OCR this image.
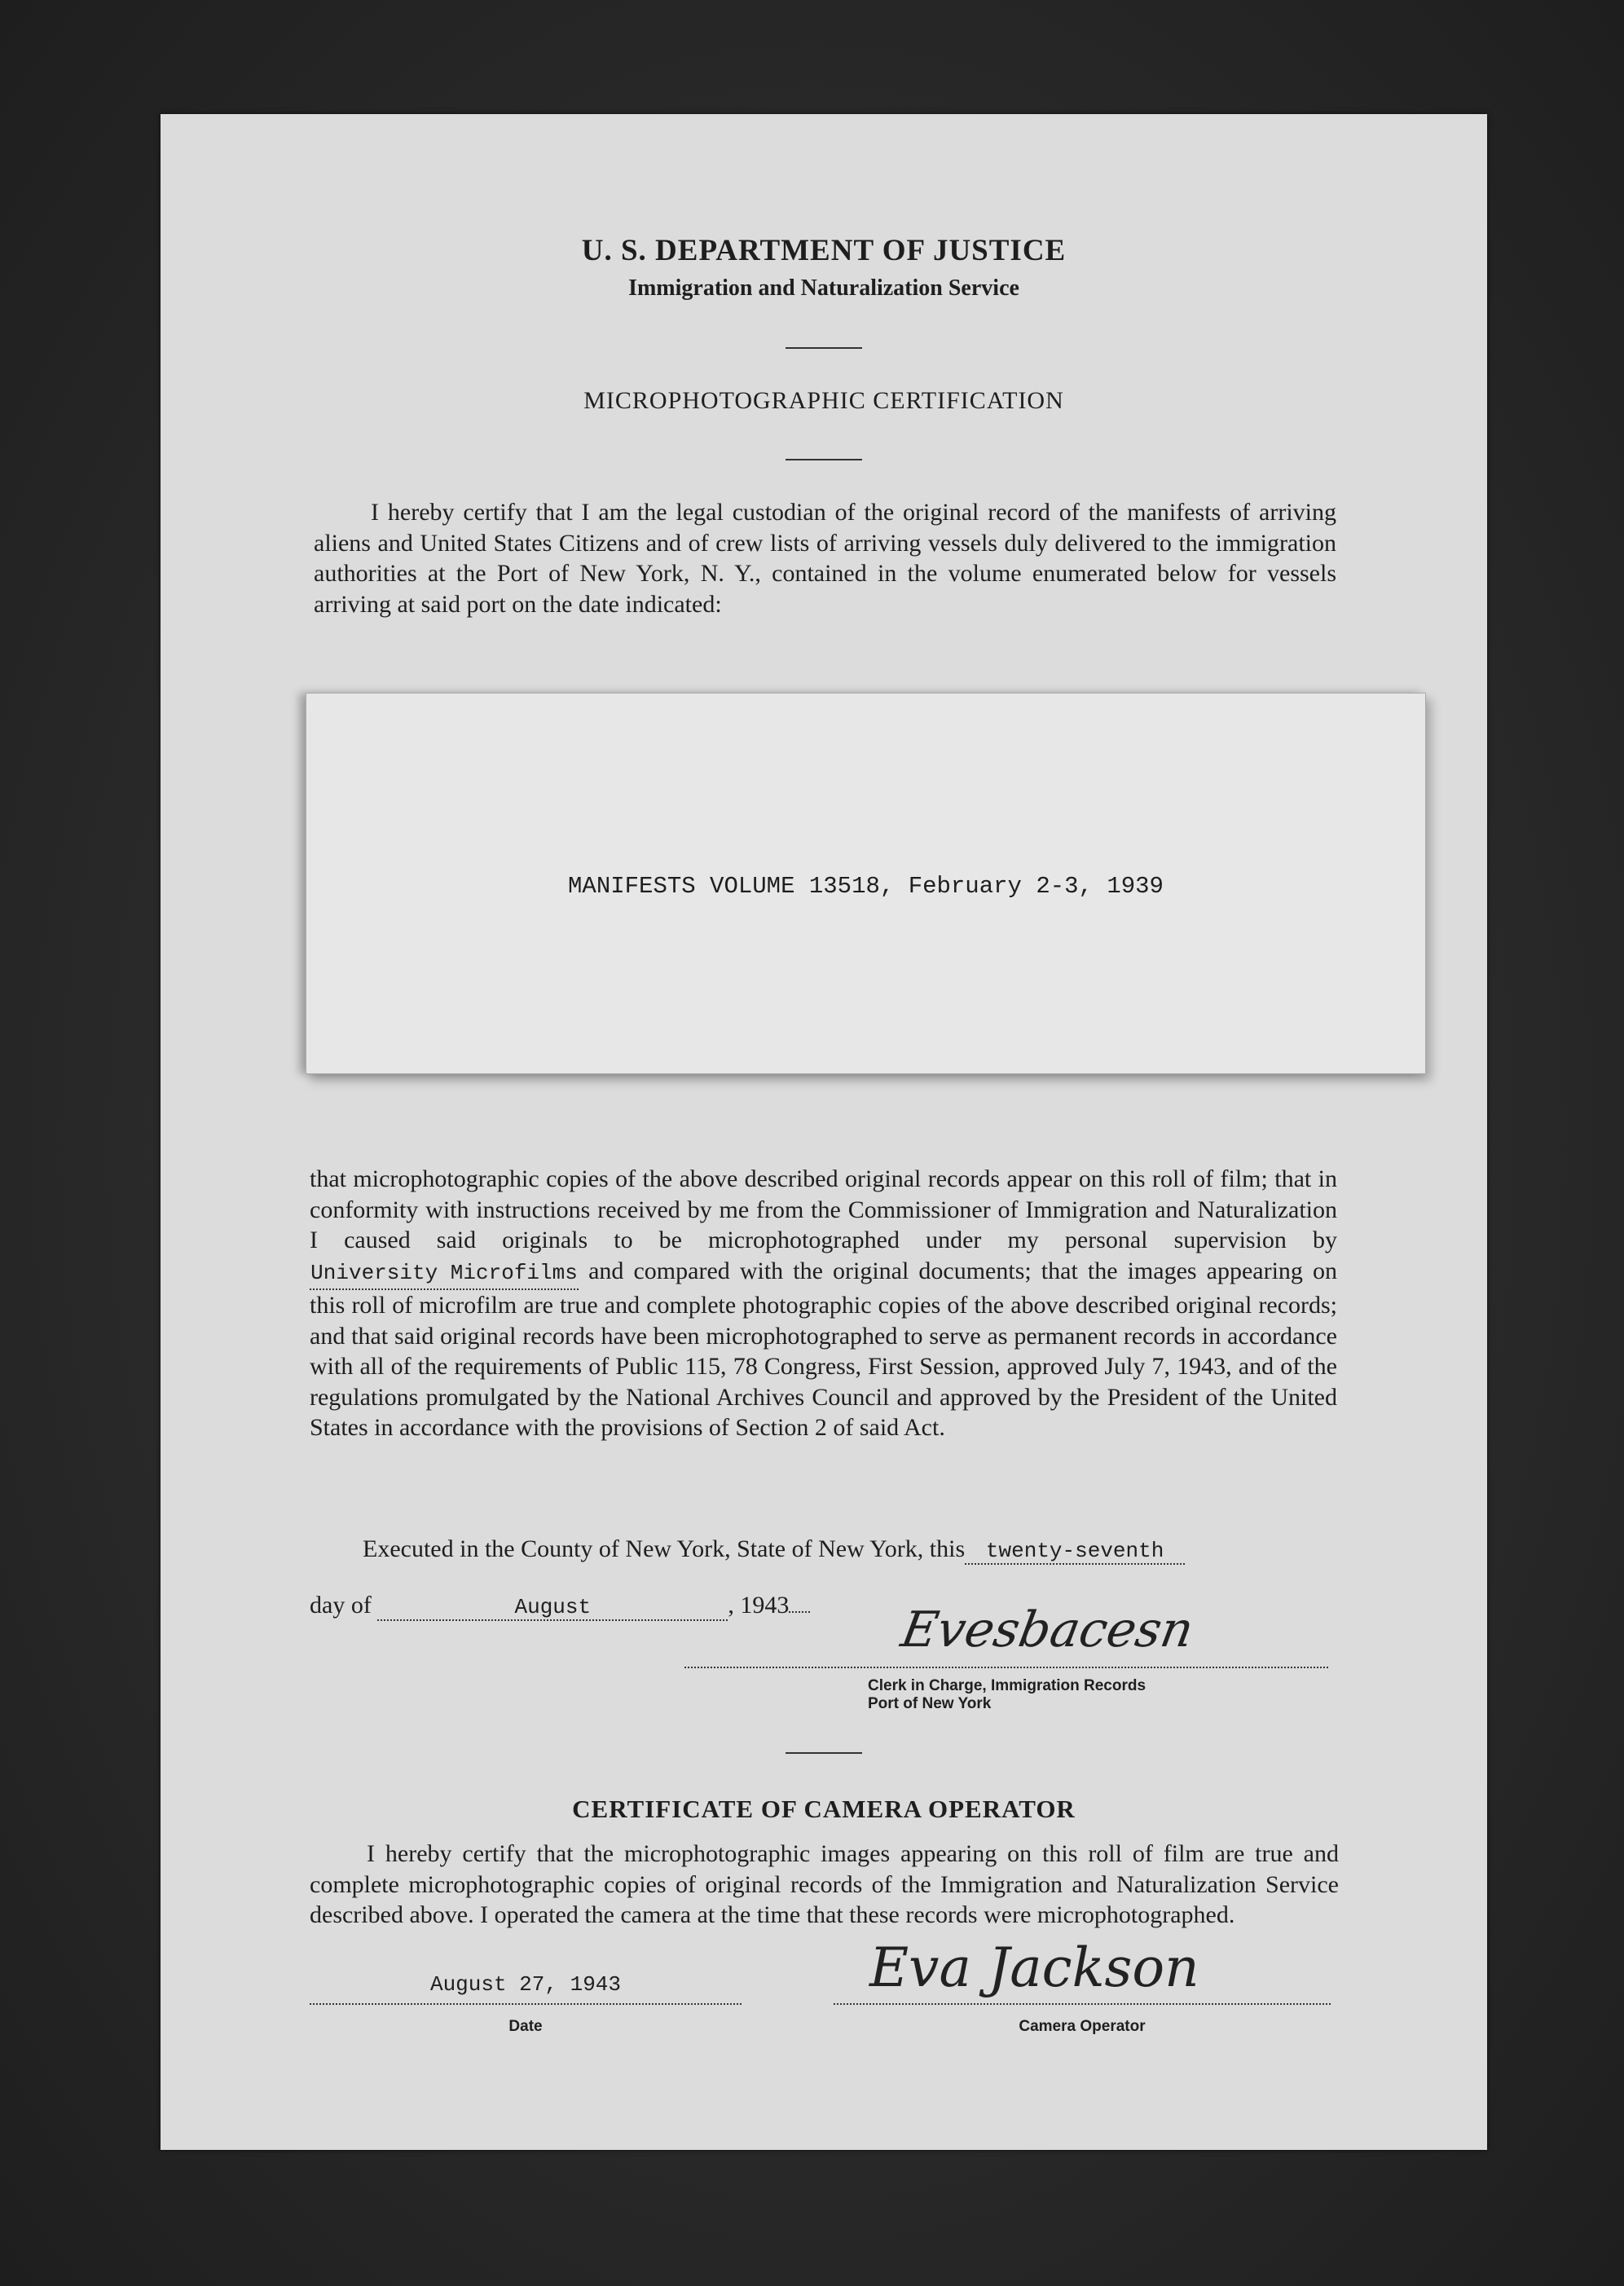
U. S. DEPARTMENT OF JUSTICE
Immigration and Naturalization Service
MICROPHOTOGRAPHIC CERTIFICATION
I hereby certify that I am the legal custodian of the original record of the manifests of arriving aliens and United States Citizens and of crew lists of arriving vessels duly delivered to the immigration authorities at the Port of New York, N. Y., contained in the volume enumerated below for vessels arriving at said port on the date indicated:
MANIFESTS VOLUME 13518, February 2-3, 1939
that microphotographic copies of the above described original records appear on this roll of film; that in conformity with instructions received by me from the Commissioner of Immigration and Naturalization I caused said originals to be microphotographed under my personal supervision by University Microfilms and compared with the original documents; that the images appearing on this roll of microfilm are true and complete photographic copies of the above described original records; and that said original records have been microphotographed to serve as permanent records in accordance with all of the requirements of Public 115, 78 Congress, First Session, approved July 7, 1943, and of the regulations promulgated by the National Archives Council and approved by the President of the United States in accordance with the provisions of Section 2 of said Act.
Executed in the County of New York, State of New York, this twenty-seventh
day of	August	, 1943	Evesbacesn
Clerk in Charge, Immigration Records
Port of New York
CERTIFICATE OF CAMERA OPERATOR
I hereby certify that the microphotographic images appearing on this roll of film are true and complete microphotographic copies of original records of the Immigration and Naturalization Service described above. I operated the camera at the time that these records were microphotographed.
August 27, 1943
Date
Eva Jackson
Camera Operator
